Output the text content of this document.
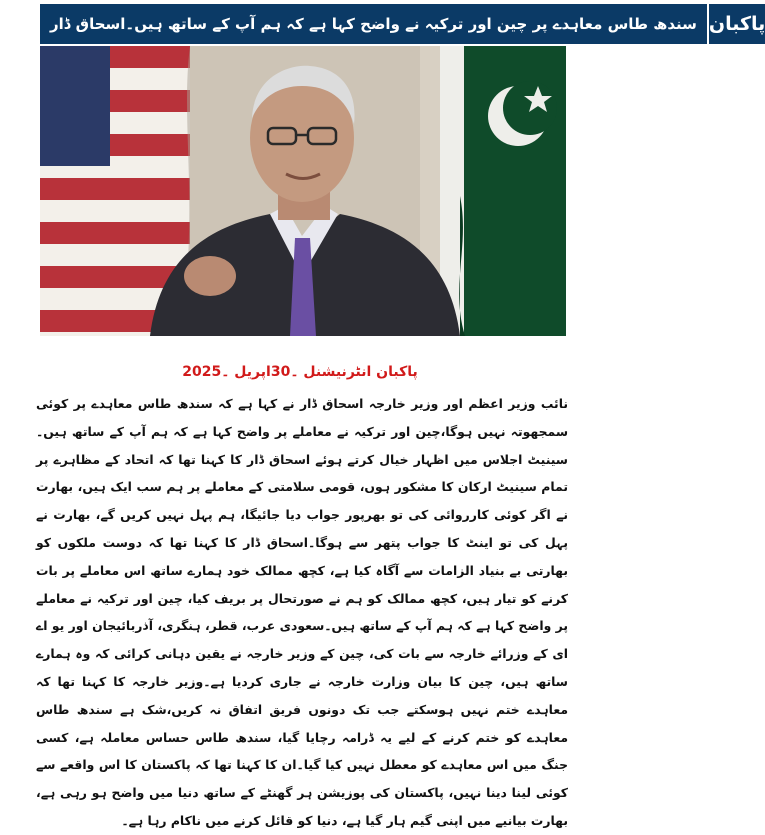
سندھ طاس معاہدے پر چین اور ترکیہ نے واضح کہا ہے کہ ہم آپ کے ساتھ ہیں۔اسحاق ڈار پاکبان
پاکبان انٹرنیشنل ۔30اپریل ۔2025

نائب وزیر اعظم اور وزیر خارجہ اسحاق ڈار نے کہا ہے کہ سندھ طاس معاہدے پر کوئی سمجھوتہ نہیں ہوگا،چین اور ترکیہ نے معاملے پر واضح کہا ہے کہ ہم آپ کے ساتھ ہیں۔سینیٹ اجلاس میں اظہار خیال کرتے ہوئے اسحاق ڈار کا کہنا تھا کہ اتحاد کے مظاہرے پر تمام سینیٹ ارکان کا مشکور ہوں، قومی سلامتی کے معاملے پر ہم سب ایک ہیں، بھارت نے اگر کوئی کارروائی کی تو بھرپور جواب دیا جائیگا، ہم پہل نہیں کریں گے، بھارت نے پہل کی تو اینٹ کا جواب پتھر سے ہوگا۔اسحاق ڈار کا کہنا تھا کہ دوست ملکوں کو بھارتی بے بنیاد الزامات سے آگاہ کیا ہے، کچھ ممالک خود ہمارے ساتھ اس معاملے پر بات کرنے کو تیار ہیں، کچھ ممالک کو ہم نے صورتحال پر بریف کیا، چین اور ترکیہ نے معاملے پر واضح کہا ہے کہ ہم آپ کے ساتھ ہیں۔سعودی عرب، قطر، ہنگری، آذربائیجان اور یو اے ای کے وزرائے خارجہ سے بات کی، چین کے وزیر خارجہ نے یقین دہانی کرائی کہ وہ ہمارے ساتھ ہیں، چین کا بیان وزارت خارجہ نے جاری کردیا ہے۔وزیر خارجہ کا کہنا تھا کہ معاہدے ختم نہیں ہوسکتے جب تک دونوں فریق اتفاق نہ کریں،شک ہے سندھ طاس معاہدے کو ختم کرنے کے لیے یہ ڈرامہ رچایا گیا، سندھ طاس حساس معاملہ ہے، کسی جنگ میں اس معاہدے کو معطل نہیں کیا گیا۔ان کا کہنا تھا کہ پاکستان کا اس واقعے سے کوئی لینا دینا نہیں، پاکستان کی پوزیشن ہر گھنٹے کے ساتھ دنیا میں واضح ہو رہی ہے، بھارت بیانیے میں اپنی گیم ہار گیا ہے، دنیا کو قائل کرنے میں ناکام رہا ہے۔
